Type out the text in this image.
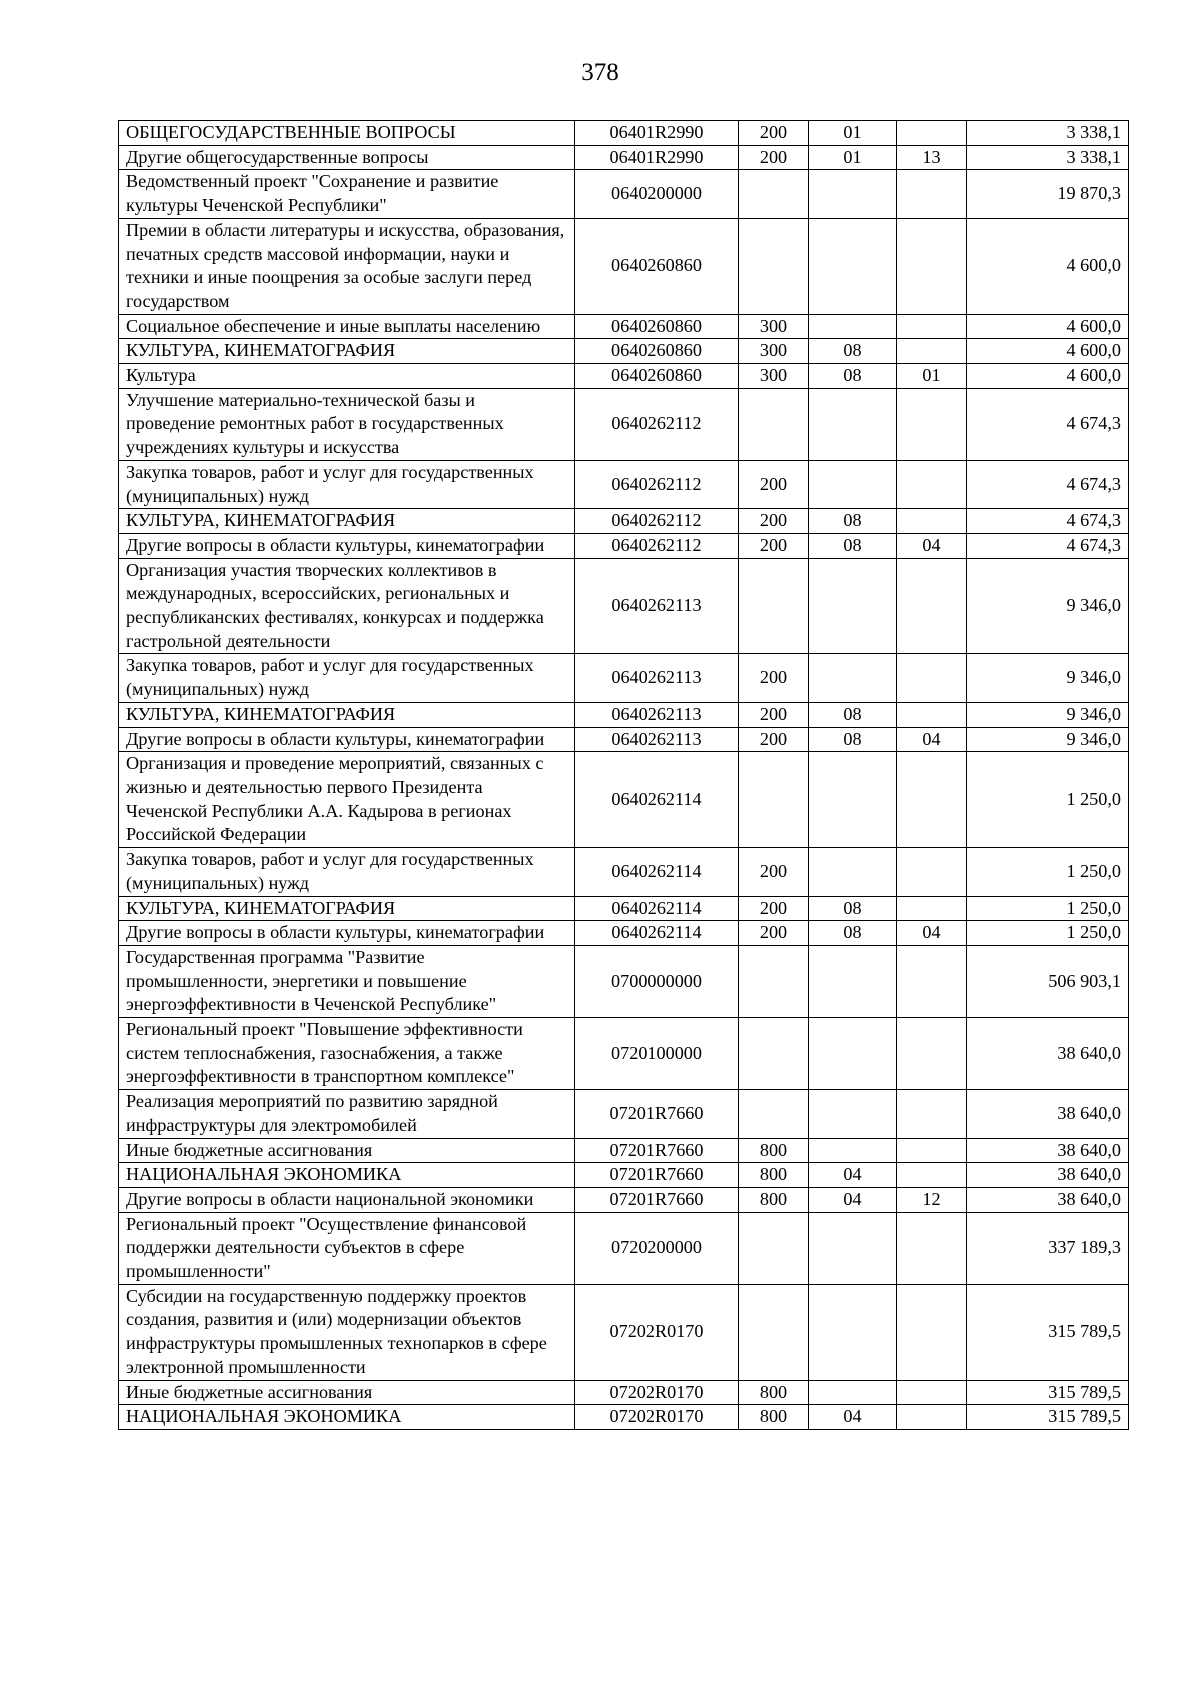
378
ОБЩЕГОСУДАРСТВЕННЫЕ ВОПРОСЫ	06401R2990	200	01		3 338,1
Другие общегосударственные вопросы	06401R2990	200	01	13	3 338,1
Ведомственный проект "Сохранение и развитие культуры Чеченской Республики"	0640200000				19 870,3
Премии в области литературы и искусства, образования, печатных средств массовой информации, науки и техники и иные поощрения за особые заслуги перед государством	0640260860				4 600,0
Социальное обеспечение и иные выплаты населению	0640260860	300			4 600,0
КУЛЬТУРА, КИНЕМАТОГРАФИЯ	0640260860	300	08		4 600,0
Культура	0640260860	300	08	01	4 600,0
Улучшение материально-технической базы и проведение ремонтных работ в государственных учреждениях культуры и искусства	0640262112				4 674,3
Закупка товаров, работ и услуг для государственных (муниципальных) нужд	0640262112	200			4 674,3
КУЛЬТУРА, КИНЕМАТОГРАФИЯ	0640262112	200	08		4 674,3
Другие вопросы в области культуры, кинематографии	0640262112	200	08	04	4 674,3
Организация участия творческих коллективов в международных, всероссийских, региональных и республиканских фестивалях, конкурсах и поддержка гастрольной деятельности	0640262113				9 346,0
Закупка товаров, работ и услуг для государственных (муниципальных) нужд	0640262113	200			9 346,0
КУЛЬТУРА, КИНЕМАТОГРАФИЯ	0640262113	200	08		9 346,0
Другие вопросы в области культуры, кинематографии	0640262113	200	08	04	9 346,0
Организация и проведение мероприятий, связанных с жизнью и деятельностью первого Президента Чеченской Республики А.А. Кадырова в регионах Российской Федерации	0640262114				1 250,0
Закупка товаров, работ и услуг для государственных (муниципальных) нужд	0640262114	200			1 250,0
КУЛЬТУРА, КИНЕМАТОГРАФИЯ	0640262114	200	08		1 250,0
Другие вопросы в области культуры, кинематографии	0640262114	200	08	04	1 250,0
Государственная программа "Развитие промышленности, энергетики и повышение энергоэффективности в Чеченской Республике"	0700000000				506 903,1
Региональный проект "Повышение эффективности систем теплоснабжения, газоснабжения, а также энергоэффективности в транспортном комплексе"	0720100000				38 640,0
Реализация мероприятий по развитию зарядной инфраструктуры для электромобилей	07201R7660				38 640,0
Иные бюджетные ассигнования	07201R7660	800			38 640,0
НАЦИОНАЛЬНАЯ ЭКОНОМИКА	07201R7660	800	04		38 640,0
Другие вопросы в области национальной экономики	07201R7660	800	04	12	38 640,0
Региональный проект "Осуществление финансовой поддержки деятельности субъектов в сфере промышленности"	0720200000				337 189,3
Субсидии на государственную поддержку проектов создания, развития и (или) модернизации объектов инфраструктуры промышленных технопарков в сфере электронной промышленности	07202R0170				315 789,5
Иные бюджетные ассигнования	07202R0170	800			315 789,5
НАЦИОНАЛЬНАЯ ЭКОНОМИКА	07202R0170	800	04		315 789,5
